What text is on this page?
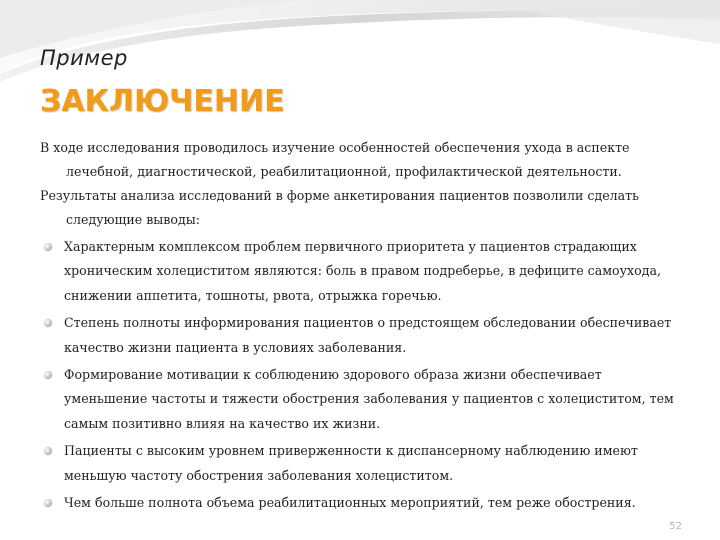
Пример
ЗАКЛЮЧЕНИЕ

В ходе исследования проводилось изучение особенностей обеспечения ухода в аспекте лечебной, диагностической, реабилитационной, профилактической деятельности.

Результаты анализа исследований в форме анкетирования пациентов позволили сделать следующие выводы:

Характерным комплексом проблем первичного приоритета у пациентов страдающих хроническим холециститом являются: боль в правом подреберье, в дефиците самоухода, снижении аппетита, тошноты, рвота, отрыжка горечью.
Степень полноты информирования пациентов о предстоящем обследовании обеспечивает качество жизни пациента в условиях заболевания.
Формирование мотивации к соблюдению здорового образа жизни обеспечивает уменьшение частоты и тяжести обострения заболевания у пациентов с холециститом, тем самым позитивно влияя на качество их жизни.
Пациенты с высоким уровнем приверженности к диспансерному наблюдению имеют меньшую частоту обострения заболевания холециститом.
Чем больше полнота объема реабилитационных мероприятий, тем реже обострения.
52
